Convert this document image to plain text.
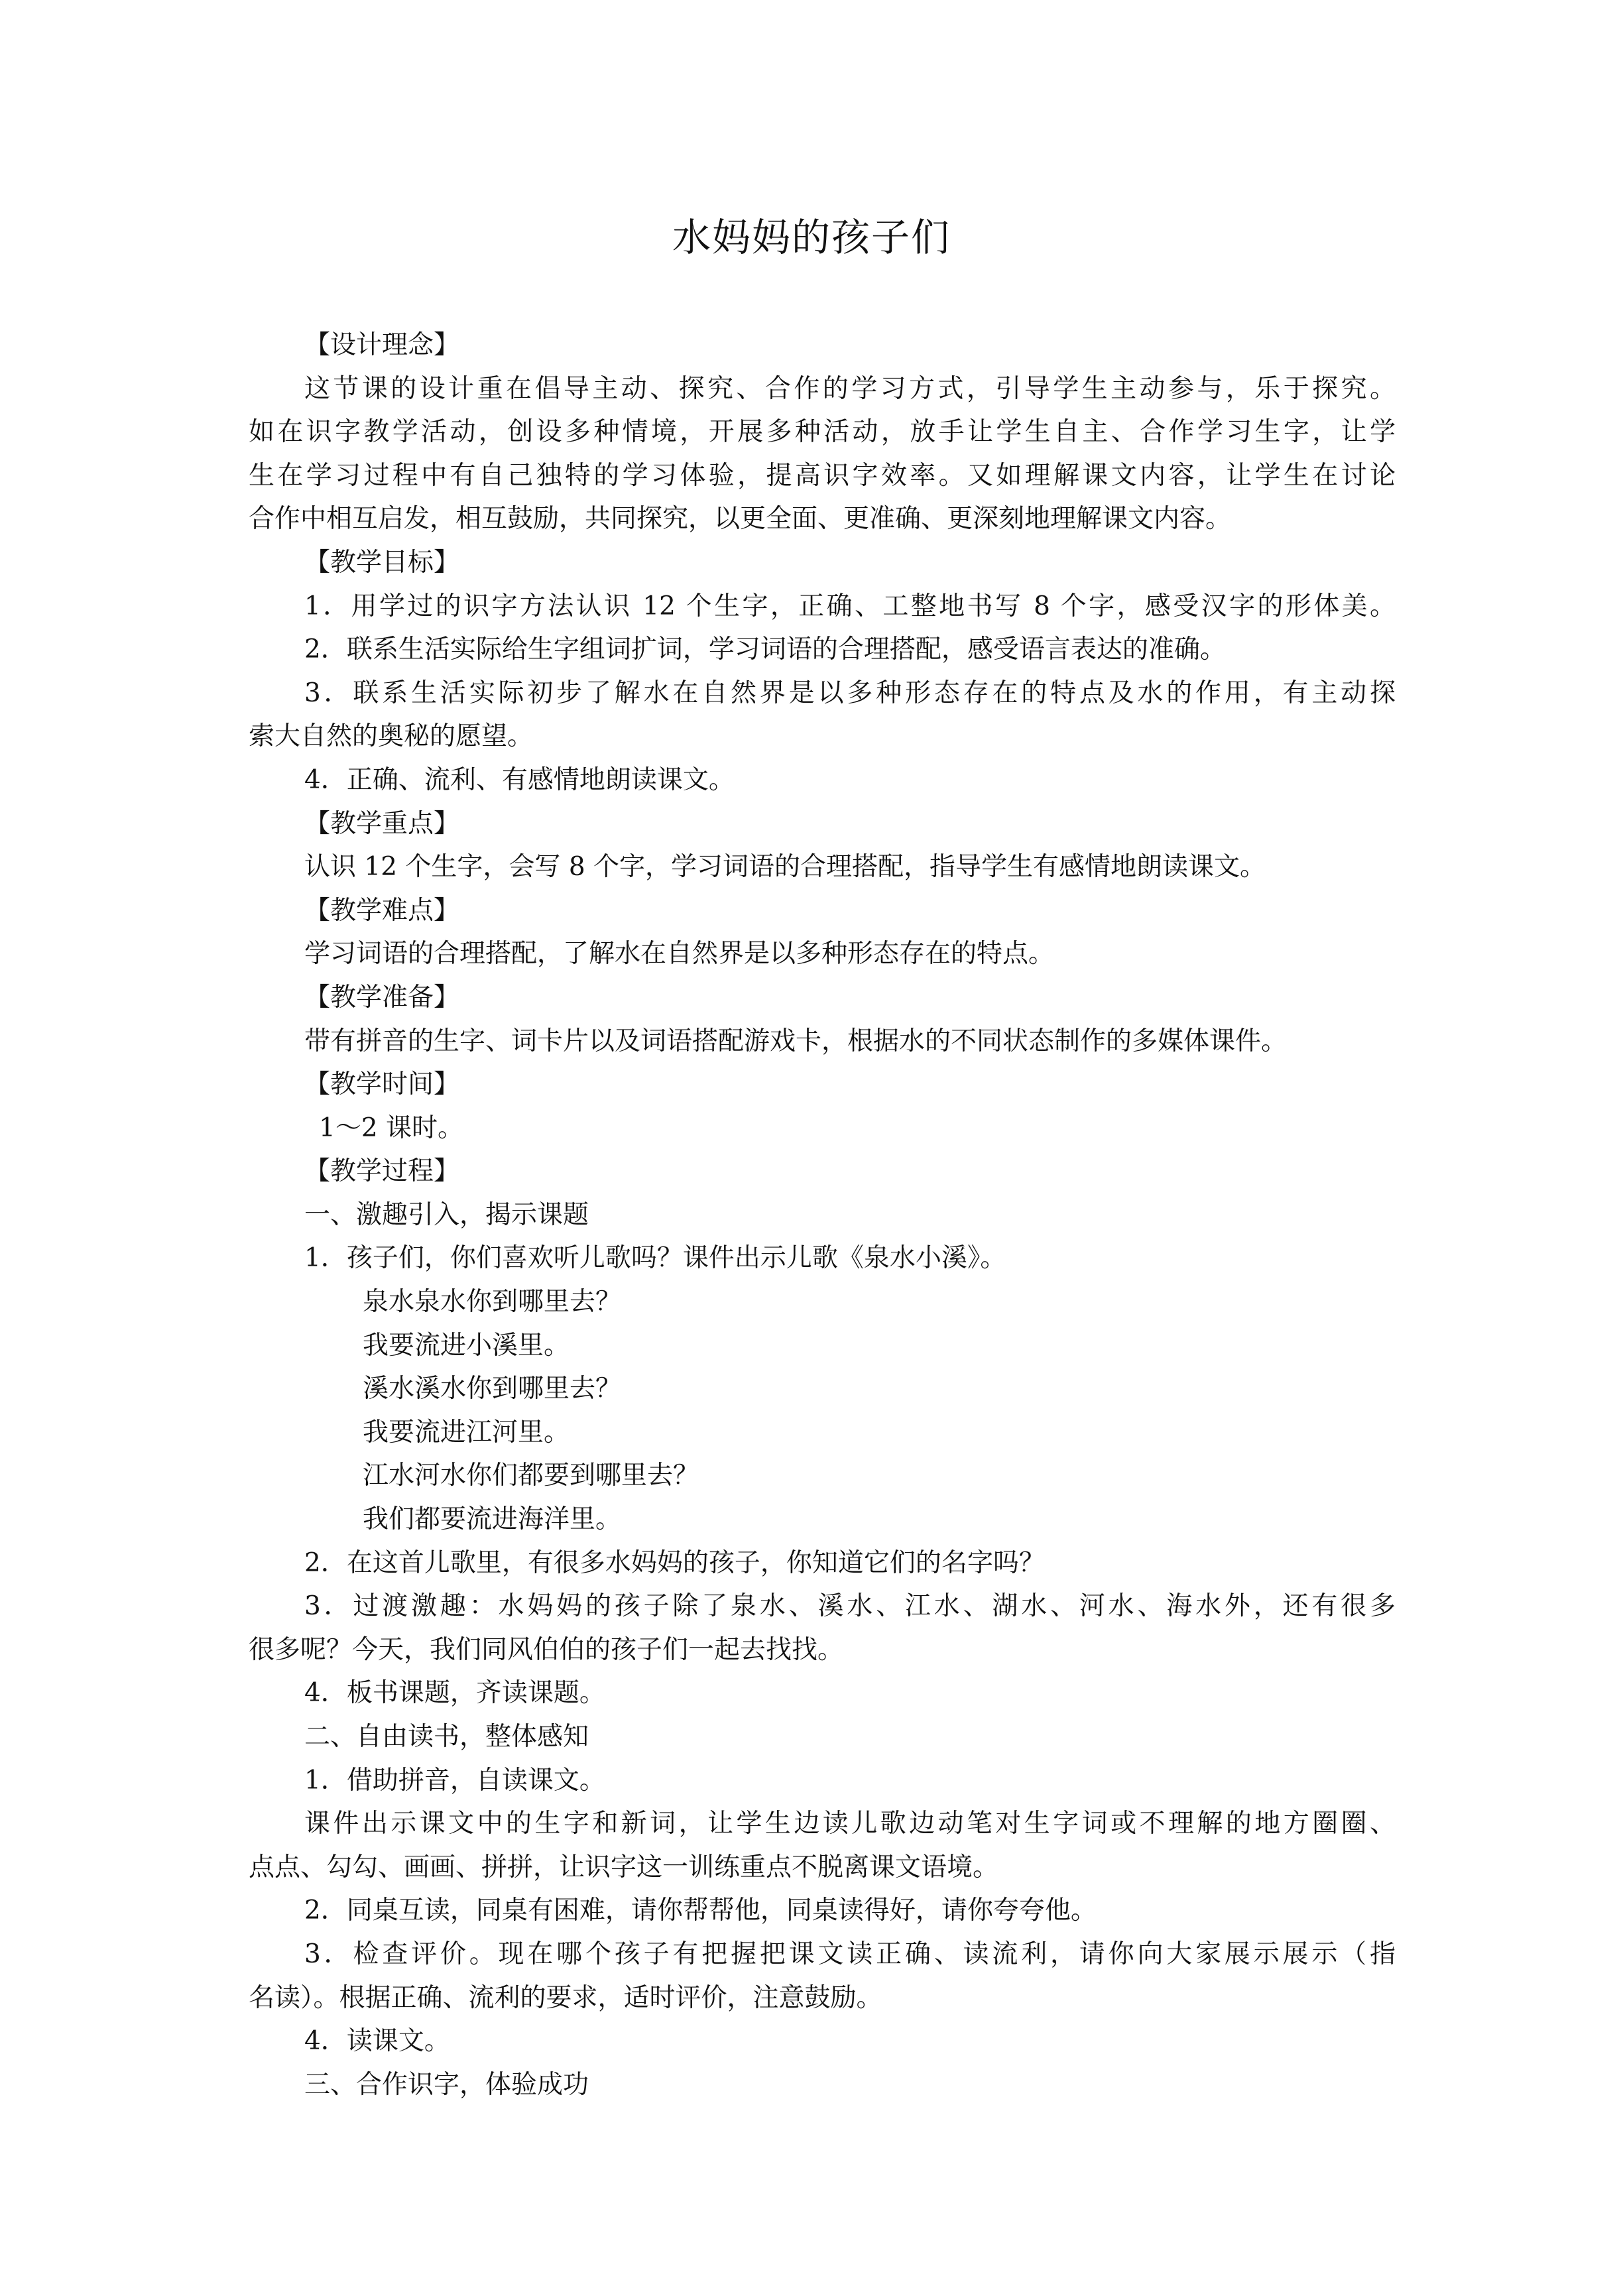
水妈妈的孩子们

【设计理念】

这节课的设计重在倡导主动、探究、合作的学习方式，引导学生主动参与，乐于探究。

如在识字教学活动，创设多种情境，开展多种活动，放手让学生自主、合作学习生字，让学

生在学习过程中有自己独特的学习体验，提高识字效率。又如理解课文内容，让学生在讨论

合作中相互启发，相互鼓励，共同探究，以更全面、更准确、更深刻地理解课文内容。

【教学目标】

1．用学过的识字方法认识 12 个生字，正确、工整地书写 8 个字，感受汉字的形体美。

2．联系生活实际给生字组词扩词，学习词语的合理搭配，感受语言表达的准确。

3．联系生活实际初步了解水在自然界是以多种形态存在的特点及水的作用，有主动探

索大自然的奥秘的愿望。

4．正确、流利、有感情地朗读课文。

【教学重点】

认识 12 个生字，会写 8 个字，学习词语的合理搭配，指导学生有感情地朗读课文。

【教学难点】

学习词语的合理搭配，了解水在自然界是以多种形态存在的特点。

【教学准备】

带有拼音的生字、词卡片以及词语搭配游戏卡，根据水的不同状态制作的多媒体课件。

【教学时间】

1～2 课时。

【教学过程】

一、激趣引入，揭示课题

1．孩子们，你们喜欢听儿歌吗？课件出示儿歌《泉水小溪》。

泉水泉水你到哪里去？

我要流进小溪里。

溪水溪水你到哪里去？

我要流进江河里。

江水河水你们都要到哪里去？

我们都要流进海洋里。

2．在这首儿歌里，有很多水妈妈的孩子，你知道它们的名字吗？

3．过渡激趣：水妈妈的孩子除了泉水、溪水、江水、湖水、河水、海水外，还有很多

很多呢？今天，我们同风伯伯的孩子们一起去找找。

4．板书课题，齐读课题。

二、自由读书，整体感知

1．借助拼音，自读课文。

课件出示课文中的生字和新词，让学生边读儿歌边动笔对生字词或不理解的地方圈圈、

点点、勾勾、画画、拼拼，让识字这一训练重点不脱离课文语境。

2．同桌互读，同桌有困难，请你帮帮他，同桌读得好，请你夸夸他。

3．检查评价。现在哪个孩子有把握把课文读正确、读流利，请你向大家展示展示（指

名读）。根据正确、流利的要求，适时评价，注意鼓励。

4．读课文。

三、合作识字，体验成功
